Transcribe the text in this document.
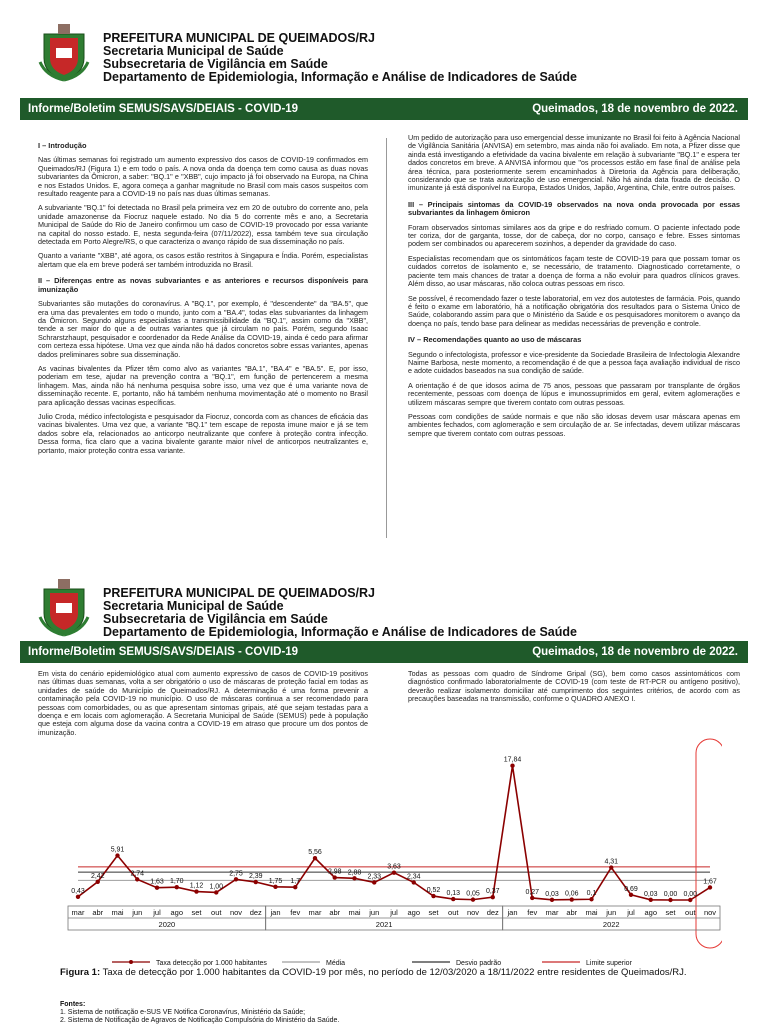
PREFEITURA MUNICIPAL DE QUEIMADOS/RJ
Secretaria Municipal de Saúde
Subsecretaria de Vigilância em Saúde
Departamento de Epidemiologia, Informação e Análise de Indicadores de Saúde
Informe/Boletim SEMUS/SAVS/DEIAIS - COVID-19	Queimados, 18 de novembro de 2022.
I – Introdução

Nas últimas semanas foi registrado um aumento expressivo dos casos de COVID-19 confirmados em Queimados/RJ (Figura 1) e em todo o país. A nova onda da doença tem como causa as duas novas subvariantes da Ômicron, a saber: "BQ.1" e "XBB", cujo impacto já foi observado na Europa, na China e nos Estados Unidos. E, agora começa a ganhar magnitude no Brasil com mais casos suspeitos com resultado reagente para a COVID-19 no país nas duas últimas semanas.

A subvariante "BQ.1" foi detectada no Brasil pela primeira vez em 20 de outubro do corrente ano, pela unidade amazonense da Fiocruz naquele estado. No dia 5 do corrente mês e ano, a Secretaria Municipal de Saúde do Rio de Janeiro confirmou um caso de COVID-19 provocado por essa variante na capital do nosso estado. E, nesta segunda-feira (07/11/2022), essa também teve sua circulação detectada em Porto Alegre/RS, o que caracteriza o avanço rápido de sua disseminação no país.

Quanto a variante "XBB", até agora, os casos estão restritos à Singapura e Índia. Porém, especialistas alertam que ela em breve poderá ser também introduzida no Brasil.

II – Diferenças entre as novas subvariantes e as anteriores e recursos disponíveis para imunização

Subvariantes são mutações do coronavírus. A "BQ.1", por exemplo, é "descendente" da "BA.5", que era uma das prevalentes em todo o mundo, junto com a "BA.4", todas elas subvariantes da linhagem da Ômicron. Segundo alguns especialistas a transmissibilidade da "BQ.1", assim como da "XBB", tende a ser maior do que a de outras variantes que já circulam no país. Porém, segundo Isaac Schrarstzhaupt, pesquisador e coordenador da Rede Análise da COVID-19, ainda é cedo para afirmar com certeza essa hipótese. Uma vez que ainda não há dados concretos sobre essas variantes, apenas dados preliminares sobre sua disseminação.

As vacinas bivalentes da Pfizer têm como alvo as variantes "BA.1", "BA.4" e "BA.5". E, por isso, poderiam em tese, ajudar na prevenção contra a "BQ.1", em função de pertencerem a mesma linhagem. Mas, ainda não há nenhuma pesquisa sobre isso, uma vez que é uma variante nova de disseminação recente. E, portanto, não há também nenhuma movimentação até o momento no Brasil para aplicação dessas vacinas específicas.

Julio Croda, médico infectologista e pesquisador da Fiocruz, concorda com as chances de eficácia das vacinas bivalentes. Uma vez que, a variante "BQ.1" tem escape de reposta imune maior e já se tem dados sobre ela, relacionados ao anticorpo neutralizante que confere à proteção contra infecção. Dessa forma, fica claro que a vacina bivalente garante maior nível de anticorpos neutralizantes e, portanto, maior proteção contra essa variante.

Um pedido de autorização para uso emergencial desse imunizante no Brasil foi feito à Agência Nacional de Vigilância Sanitária (ANVISA) em setembro, mas ainda não foi avaliado. Em nota, a Pfizer disse que ainda está investigando a efetividade da vacina bivalente em relação à subvariante "BQ.1" e espera ter dados concretos em breve. A ANVISA informou que "os processos estão em fase final de análise pela área técnica, para posteriormente serem encaminhados à Diretoria da Agência para deliberação, considerando que se trata autorização de uso emergencial. Não há ainda data fixada de decisão. O imunizante já está disponível na Europa, Estados Unidos, Japão, Argentina, Chile, entre outros países.

III – Principais sintomas da COVID-19 observados na nova onda provocada por essas subvariantes da linhagem ômicron

Foram observados sintomas similares aos da gripe e do resfriado comum. O paciente infectado pode ter coriza, dor de garganta, tosse, dor de cabeça, dor no corpo, cansaço e febre. Esses sintomas podem ser combinados ou aparecerem sozinhos, a depender da gravidade do caso.

Especialistas recomendam que os sintomáticos façam teste de COVID-19 para que possam tomar os cuidados corretos de isolamento e, se necessário, de tratamento. Diagnosticado corretamente, o paciente tem mais chances de tratar a doença de forma a não evoluir para quadros clínicos graves. Além disso, ao usar máscaras, não coloca outras pessoas em risco.

Se possível, é recomendado fazer o teste laboratorial, em vez dos autotestes de farmácia. Pois, quando é feito o exame em laboratório, há a notificação obrigatória dos resultados para o Sistema Único de Saúde, colaborando assim para que o Ministério da Saúde e os pesquisadores monitorem o avanço da doença no país, tendo base para delinear as medidas necessárias de prevenção e controle.

IV – Recomendações quanto ao uso de máscaras

Segundo o infectologista, professor e vice-presidente da Sociedade Brasileira de Infectologia Alexandre Naime Barbosa, neste momento, a recomendação é de que a pessoa faça avaliação individual de risco e adote cuidados baseados na sua condição de saúde.

A orientação é de que idosos acima de 75 anos, pessoas que passaram por transplante de órgãos recentemente, pessoas com doença de lúpus e imunossuprimidos em geral, evitem aglomerações e utilizem máscaras sempre que tiverem contato com outras pessoas.

Pessoas com condições de saúde normais e que não são idosas devem usar máscara apenas em ambientes fechados, com aglomeração e sem circulação de ar. Se infectadas, devem utilizar máscaras sempre que tiverem contato com outras pessoas.

PREFEITURA MUNICIPAL DE QUEIMADOS/RJ
Secretaria Municipal de Saúde
Subsecretaria de Vigilância em Saúde
Departamento de Epidemiologia, Informação e Análise de Indicadores de Saúde
Informe/Boletim SEMUS/SAVS/DEIAIS - COVID-19	Queimados, 18 de novembro de 2022.

Em vista do cenário epidemiológico atual com aumento expressivo de casos de COVID-19 positivos nas últimas duas semanas, volta a ser obrigatório o uso de máscaras de proteção facial em todas as unidades de saúde do Município de Queimados/RJ. A determinação é uma forma prevenir a contaminação pela COVID-19 no município. O uso de máscaras continua a ser recomendado para pessoas com comorbidades, ou as que apresentam sintomas gripais, até que sejam testadas para a doença e em locais com aglomeração. A Secretaria Municipal de Saúde (SEMUS) pede à população que esteja com alguma dose da vacina contra a COVID-19 em atraso que procure um dos pontos de imunização.

Todas as pessoas com quadro de Síndrome Gripal (SG), bem como casos assintomáticos com diagnóstico confirmado laboratorialmente de COVID-19 (com teste de RT-PCR ou antígeno positivo), deverão realizar isolamento domiciliar até cumprimento dos seguintes critérios, de acordo com as precauções baseadas na transmissão, conforme o QUADRO ANEXO I.

0,43
2,42
5,91
2,74
1,63 1,70
1,12 1,00
2,75 2,39
1,75 1,7
5,56
2,98 2,88
2,33
3,63
2,34
0,52 0,13 0,05 0,37
17,84
0,27 0,03 0,06 0,1
4,31
0,69
0,03 0,00 0,00
1,67
2020	2021	2022
mar abr mai jun jul ago set out nov dez jan fev mar abr mai jun jul ago set out nov dez jan fev mar abr mai jun jul ago set out nov
Taxa detecção por 1.000 habitantes	Média	Desvio padrão	Limite superior
Figura 1: Taxa de detecção por 1.000 habitantes da COVID-19 por mês, no período de 12/03/2020 a 18/11/2022 entre residentes de Queimados/RJ.
Fontes:
1. Sistema de notificação e-SUS VE Notifica Coronavírus, Ministério da Saúde;
2. Sistema de Notificação de Agravos de Notificação Compulsória do Ministério da Saúde.
